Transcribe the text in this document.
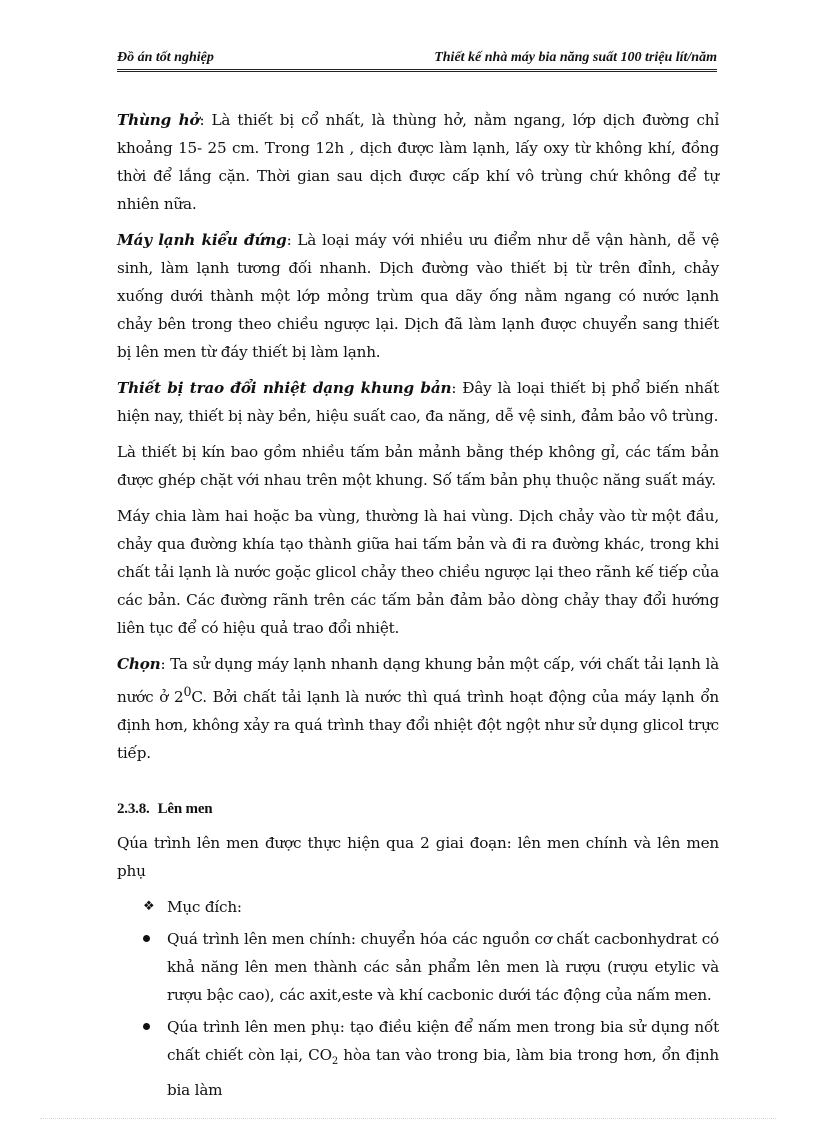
Đồ án tốt nghiệp	Thiết kế nhà máy bia năng suất 100 triệu lít/năm

Thùng hở: Là thiết bị cổ nhất, là thùng hở, nằm ngang, lớp dịch đường chỉ khoảng 15- 25 cm. Trong 12h , dịch được làm lạnh, lấy oxy từ không khí, đồng thời để lắng cặn. Thời gian sau dịch được cấp khí vô trùng chứ không để tự nhiên nữa.

Máy lạnh kiểu đứng: Là loại máy với nhiều ưu điểm như dễ vận hành, dễ vệ sinh, làm lạnh tương đối nhanh. Dịch đường vào thiết bị từ trên đỉnh, chảy xuống dưới thành một lớp mỏng trùm qua dãy ống nằm ngang có nước lạnh chảy bên trong theo chiều ngược lại. Dịch đã làm lạnh được chuyển sang thiết bị lên men từ đáy thiết bị làm lạnh.

Thiết bị trao đổi nhiệt dạng khung bản: Đây là loại thiết bị phổ biến nhất hiện nay, thiết bị này bền, hiệu suất cao, đa năng, dễ vệ sinh, đảm bảo vô trùng.

Là thiết bị kín bao gồm nhiều tấm bản mảnh bằng thép không gỉ, các tấm bản được ghép chặt với nhau trên một khung. Số tấm bản phụ thuộc năng suất máy.

Máy chia làm hai hoặc ba vùng, thường là hai vùng. Dịch chảy vào từ một đầu, chảy qua đường khía tạo thành giữa hai tấm bản và đi ra đường khác, trong khi chất tải lạnh là nước goặc glicol chảy theo chiều ngược lại theo rãnh kế tiếp của các bản. Các đường rãnh trên các tấm bản đảm bảo dòng chảy thay đổi hướng liên tục để có hiệu quả trao đổi nhiệt.

Chọn: Ta sử dụng máy lạnh nhanh dạng khung bản một cấp, với chất tải lạnh là nước ở $2^0C$. Bởi chất tải lạnh là nước thì quá trình hoạt động của máy lạnh ổn định hơn, không xảy ra quá trình thay đổi nhiệt đột ngột như sử dụng glicol trực tiếp.

2.3.8. Lên men

Qúa trình lên men được thực hiện qua 2 giai đoạn: lên men chính và lên men phụ

❖ Mục đích:
Quá trình lên men chính: chuyển hóa các nguồn cơ chất cacbonhydrat có khả năng lên men thành các sản phẩm lên men là rượu (rượu etylic và rượu bậc cao), các axit,este và khí cacbonic dưới tác động của nấm men.
Qúa trình lên men phụ: tạo điều kiện để nấm men trong bia sử dụng nốt chất chiết còn lại, $CO_2$ hòa tan vào trong bia, làm bia trong hơn, ổn định bia làm
